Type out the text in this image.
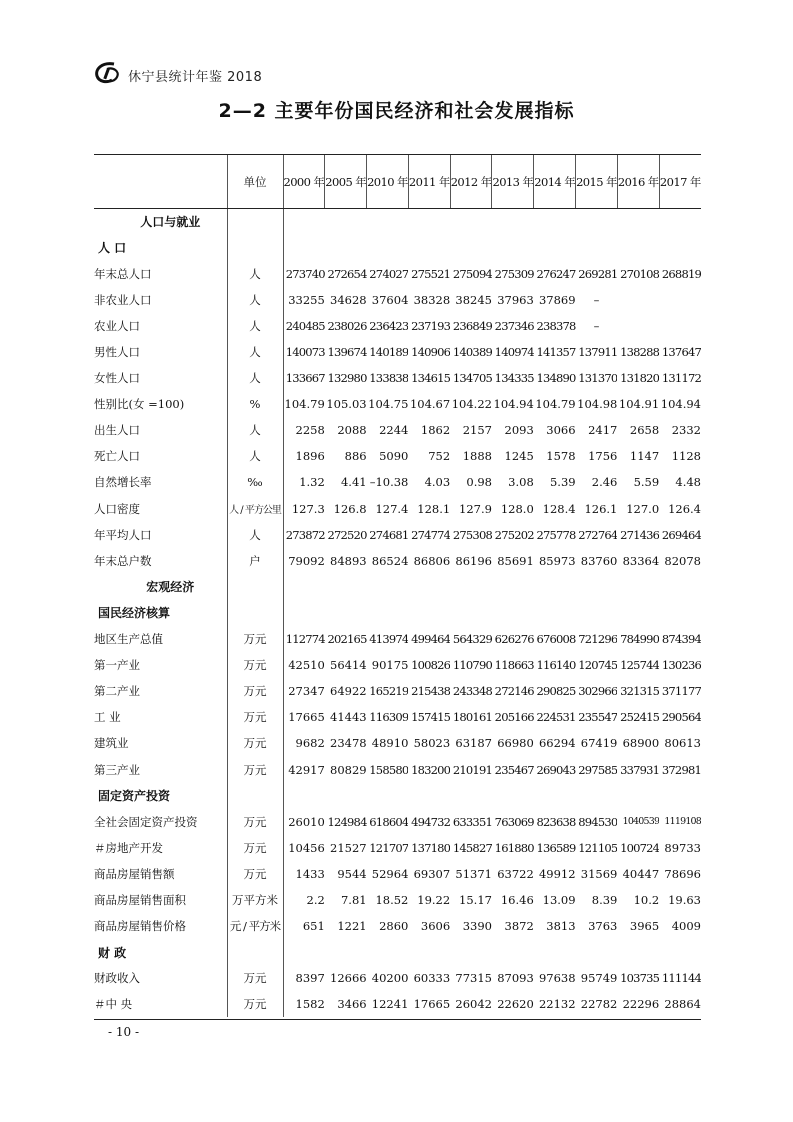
休宁县统计年鉴 2018
2—2 主要年份国民经济和社会发展指标
	单位	2000 年	2005 年	2010 年	2011 年	2012 年	2013 年	2014 年	2015 年	2016 年	2017 年
人口与就业											
人 口											
年末总人口	人	273740	272654	274027	275521	275094	275309	276247	269281	270108	268819
非农业人口	人	33255	34628	37604	38328	38245	37963	37869	–		
农业人口	人	240485	238026	236423	237193	236849	237346	238378	–		
男性人口	人	140073	139674	140189	140906	140389	140974	141357	137911	138288	137647
女性人口	人	133667	132980	133838	134615	134705	134335	134890	131370	131820	131172
性别比(女 =100)	%	104.79	105.03	104.75	104.67	104.22	104.94	104.79	104.98	104.91	104.94
出生人口	人	2258	2088	2244	1862	2157	2093	3066	2417	2658	2332
死亡人口	人	1896	886	5090	752	1888	1245	1578	1756	1147	1128
自然增长率	‰	1.32	4.41	–10.38	4.03	0.98	3.08	5.39	2.46	5.59	4.48
人口密度	人 / 平方公里	127.3	126.8	127.4	128.1	127.9	128.0	128.4	126.1	127.0	126.4
年平均人口	人	273872	272520	274681	274774	275308	275202	275778	272764	271436	269464
年末总户数	户	79092	84893	86524	86806	86196	85691	85973	83760	83364	82078
宏观经济											
国民经济核算											
地区生产总值	万元	112774	202165	413974	499464	564329	626276	676008	721296	784990	874394
第一产业	万元	42510	56414	90175	100826	110790	118663	116140	120745	125744	130236
第二产业	万元	27347	64922	165219	215438	243348	272146	290825	302966	321315	371177
工 业	万元	17665	41443	116309	157415	180161	205166	224531	235547	252415	290564
建筑业	万元	9682	23478	48910	58023	63187	66980	66294	67419	68900	80613
第三产业	万元	42917	80829	158580	183200	210191	235467	269043	297585	337931	372981
固定资产投资											
全社会固定资产投资	万元	26010	124984	618604	494732	633351	763069	823638	894530	1040539	1119108
＃房地产开发	万元	10456	21527	121707	137180	145827	161880	136589	121105	100724	89733
商品房屋销售额	万元	1433	9544	52964	69307	51371	63722	49912	31569	40447	78696
商品房屋销售面积	万平方米	2.2	7.81	18.52	19.22	15.17	16.46	13.09	8.39	10.2	19.63
商品房屋销售价格	元 / 平方米	651	1221	2860	3606	3390	3872	3813	3763	3965	4009
财 政											
财政收入	万元	8397	12666	40200	60333	77315	87093	97638	95749	103735	111144
＃中 央	万元	1582	3466	12241	17665	26042	22620	22132	22782	22296	28864
- 10 -
